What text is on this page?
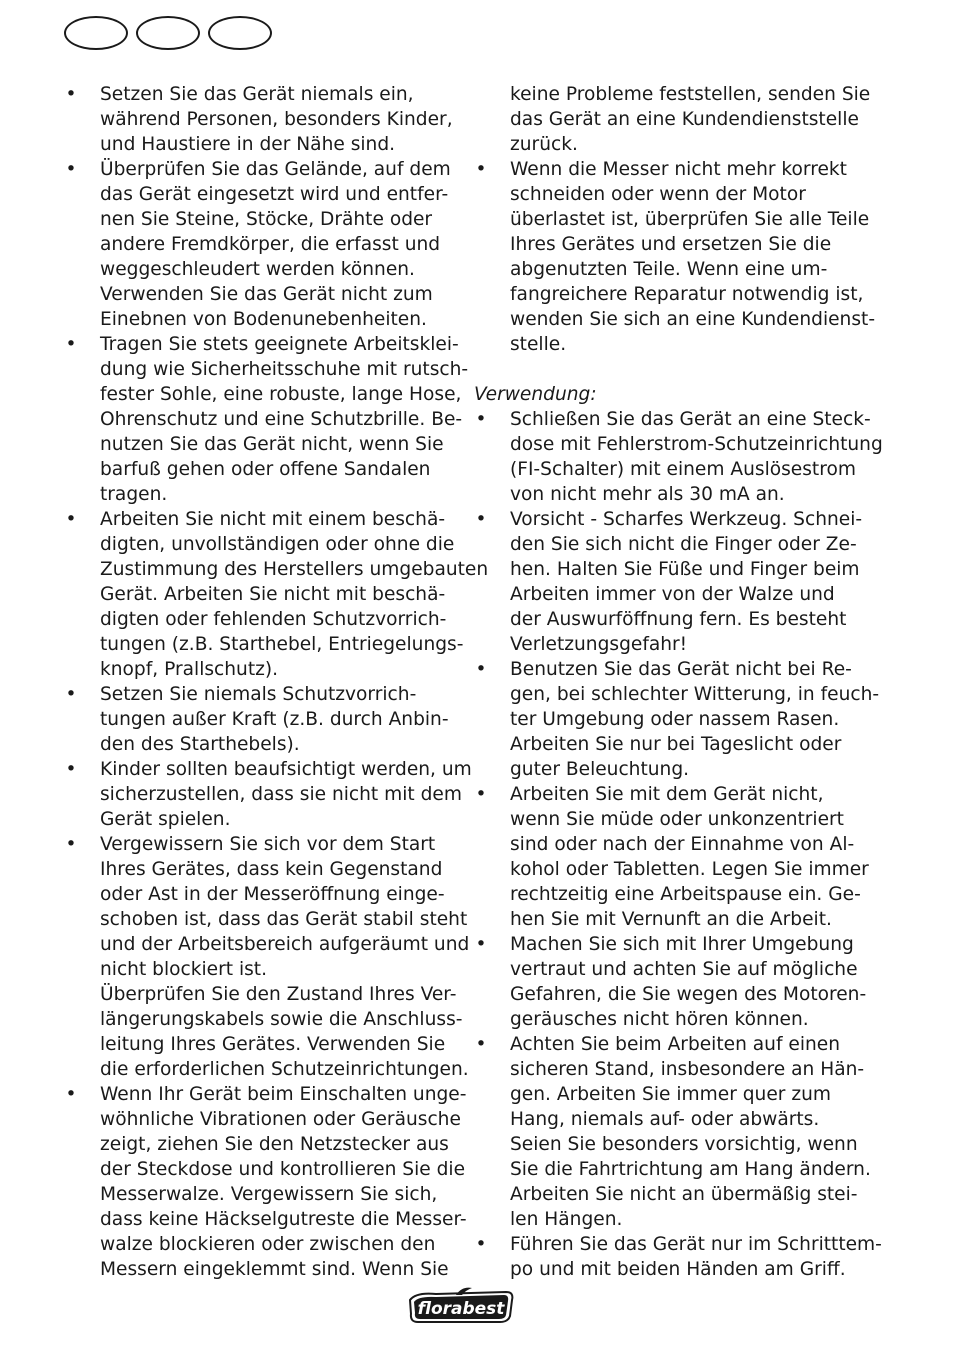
• Setzen Sie das Gerät niemals ein,
während Personen, besonders Kinder,
und Haustiere in der Nähe sind.
• Überprüfen Sie das Gelände, auf dem
das Gerät eingesetzt wird und entfer-
nen Sie Steine, Stöcke, Drähte oder
andere Fremdkörper, die erfasst und
weggeschleudert werden können.
Verwenden Sie das Gerät nicht zum
Einebnen von Bodenunebenheiten.
• Tragen Sie stets geeignete Arbeitsklei-
dung wie Sicherheitsschuhe mit rutsch-
fester Sohle, eine robuste, lange Hose,
Ohrenschutz und eine Schutzbrille. Be-
nutzen Sie das Gerät nicht, wenn Sie
barfuß gehen oder offene Sandalen
tragen.
• Arbeiten Sie nicht mit einem beschä-
digten, unvollständigen oder ohne die
Zustimmung des Herstellers umgebauten
Gerät. Arbeiten Sie nicht mit beschä-
digten oder fehlenden Schutzvorrich-
tungen (z.B. Starthebel, Entriegelungs-
knopf, Prallschutz).
• Setzen Sie niemals Schutzvorrich-
tungen außer Kraft (z.B. durch Anbin-
den des Starthebels).
• Kinder sollten beaufsichtigt werden, um
sicherzustellen, dass sie nicht mit dem
Gerät spielen.
• Vergewissern Sie sich vor dem Start
Ihres Gerätes, dass kein Gegenstand
oder Ast in der Messeröffnung einge-
schoben ist, dass das Gerät stabil steht
und der Arbeitsbereich aufgeräumt und
nicht blockiert ist.
Überprüfen Sie den Zustand Ihres Ver-
längerungskabels sowie die Anschluss-
leitung Ihres Gerätes. Verwenden Sie
die erforderlichen Schutzeinrichtungen.
• Wenn Ihr Gerät beim Einschalten unge-
wöhnliche Vibrationen oder Geräusche
zeigt, ziehen Sie den Netzstecker aus
der Steckdose und kontrollieren Sie die
Messerwalze. Vergewissern Sie sich,
dass keine Häckselgutreste die Messer-
walze blockieren oder zwischen den
Messern eingeklemmt sind. Wenn Sie
keine Probleme feststellen, senden Sie
das Gerät an eine Kundendienststelle
zurück.
• Wenn die Messer nicht mehr korrekt
schneiden oder wenn der Motor
überlastet ist, überprüfen Sie alle Teile
Ihres Gerätes und ersetzen Sie die
abgenutzten Teile. Wenn eine um-
fangreichere Reparatur notwendig ist,
wenden Sie sich an eine Kundendienst-
stelle.
Verwendung:
• Schließen Sie das Gerät an eine Steck-
dose mit Fehlerstrom-Schutzeinrichtung
(FI-Schalter) mit einem Auslösestrom
von nicht mehr als 30 mA an.
• Vorsicht - Scharfes Werkzeug. Schnei-
den Sie sich nicht die Finger oder Ze-
hen. Halten Sie Füße und Finger beim
Arbeiten immer von der Walze und
der Auswurföffnung fern. Es besteht
Verletzungsgefahr!
• Benutzen Sie das Gerät nicht bei Re-
gen, bei schlechter Witterung, in feuch-
ter Umgebung oder nassem Rasen.
Arbeiten Sie nur bei Tageslicht oder
guter Beleuchtung.
• Arbeiten Sie mit dem Gerät nicht,
wenn Sie müde oder unkonzentriert
sind oder nach der Einnahme von Al-
kohol oder Tabletten. Legen Sie immer
rechtzeitig eine Arbeitspause ein. Ge-
hen Sie mit Vernunft an die Arbeit.
• Machen Sie sich mit Ihrer Umgebung
vertraut und achten Sie auf mögliche
Gefahren, die Sie wegen des Motoren-
geräusches nicht hören können.
• Achten Sie beim Arbeiten auf einen
sicheren Stand, insbesondere an Hän-
gen. Arbeiten Sie immer quer zum
Hang, niemals auf- oder abwärts.
Seien Sie besonders vorsichtig, wenn
Sie die Fahrtrichtung am Hang ändern.
Arbeiten Sie nicht an übermäßig stei-
len Hängen.
• Führen Sie das Gerät nur im Schritttem-
po und mit beiden Händen am Griff.
florabest
